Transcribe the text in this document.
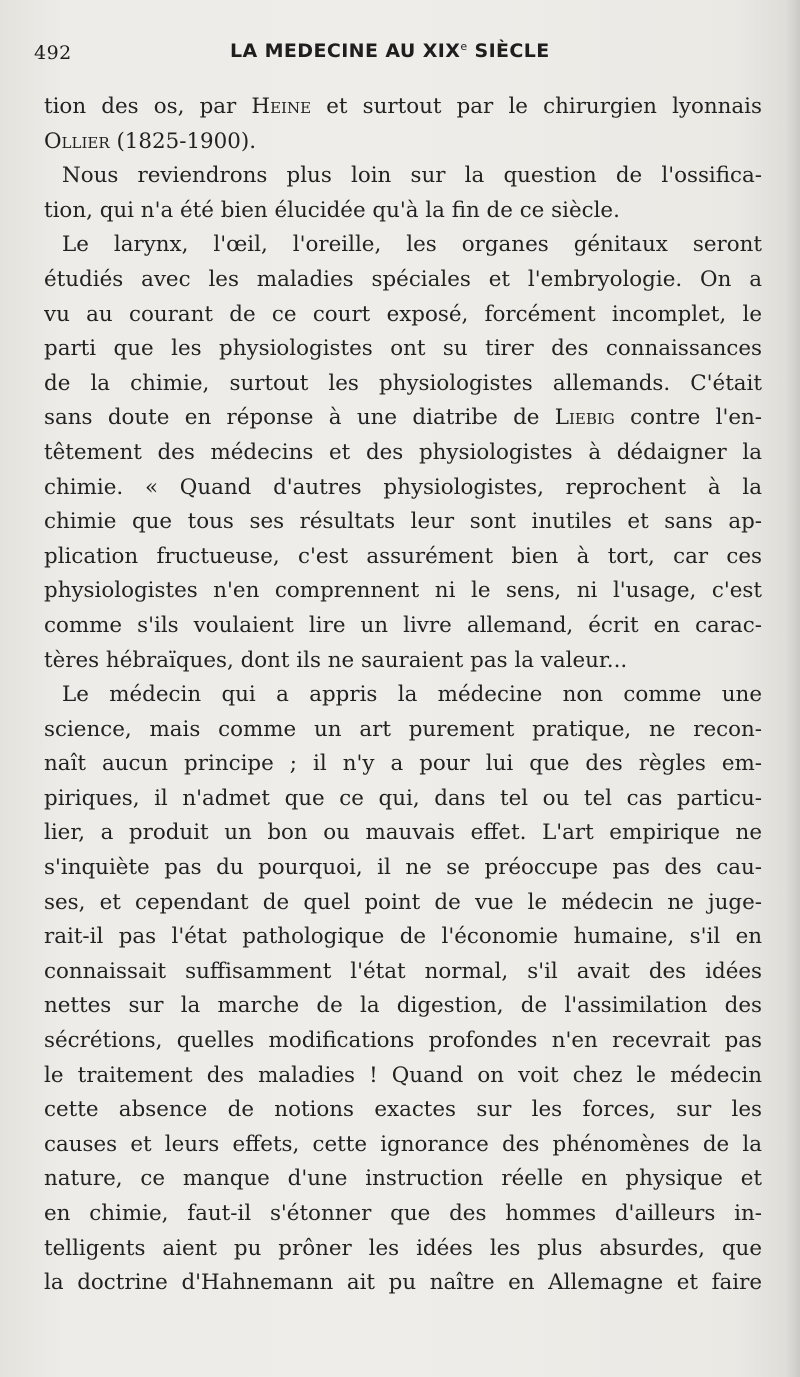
492	LA MEDECINE AU XIXe SIÈCLE
tion des os, par Heine et surtout par le chirurgien lyonnais
Ollier (1825-1900).
Nous reviendrons plus loin sur la question de l'ossifica-
tion, qui n'a été bien élucidée qu'à la fin de ce siècle.
Le larynx, l'œil, l'oreille, les organes génitaux seront
étudiés avec les maladies spéciales et l'embryologie. On a
vu au courant de ce court exposé, forcément incomplet, le
parti que les physiologistes ont su tirer des connaissances
de la chimie, surtout les physiologistes allemands. C'était
sans doute en réponse à une diatribe de Liebig contre l'en-
têtement des médecins et des physiologistes à dédaigner la
chimie. « Quand d'autres physiologistes, reprochent à la
chimie que tous ses résultats leur sont inutiles et sans ap-
plication fructueuse, c'est assurément bien à tort, car ces
physiologistes n'en comprennent ni le sens, ni l'usage, c'est
comme s'ils voulaient lire un livre allemand, écrit en carac-
tères hébraïques, dont ils ne sauraient pas la valeur...
Le médecin qui a appris la médecine non comme une
science, mais comme un art purement pratique, ne recon-
naît aucun principe ; il n'y a pour lui que des règles em-
piriques, il n'admet que ce qui, dans tel ou tel cas particu-
lier, a produit un bon ou mauvais effet. L'art empirique ne
s'inquiète pas du pourquoi, il ne se préoccupe pas des cau-
ses, et cependant de quel point de vue le médecin ne juge-
rait-il pas l'état pathologique de l'économie humaine, s'il en
connaissait suffisamment l'état normal, s'il avait des idées
nettes sur la marche de la digestion, de l'assimilation des
sécrétions, quelles modifications profondes n'en recevrait pas
le traitement des maladies ! Quand on voit chez le médecin
cette absence de notions exactes sur les forces, sur les
causes et leurs effets, cette ignorance des phénomènes de la
nature, ce manque d'une instruction réelle en physique et
en chimie, faut-il s'étonner que des hommes d'ailleurs in-
telligents aient pu prôner les idées les plus absurdes, que
la doctrine d'Hahnemann ait pu naître en Allemagne et faire
